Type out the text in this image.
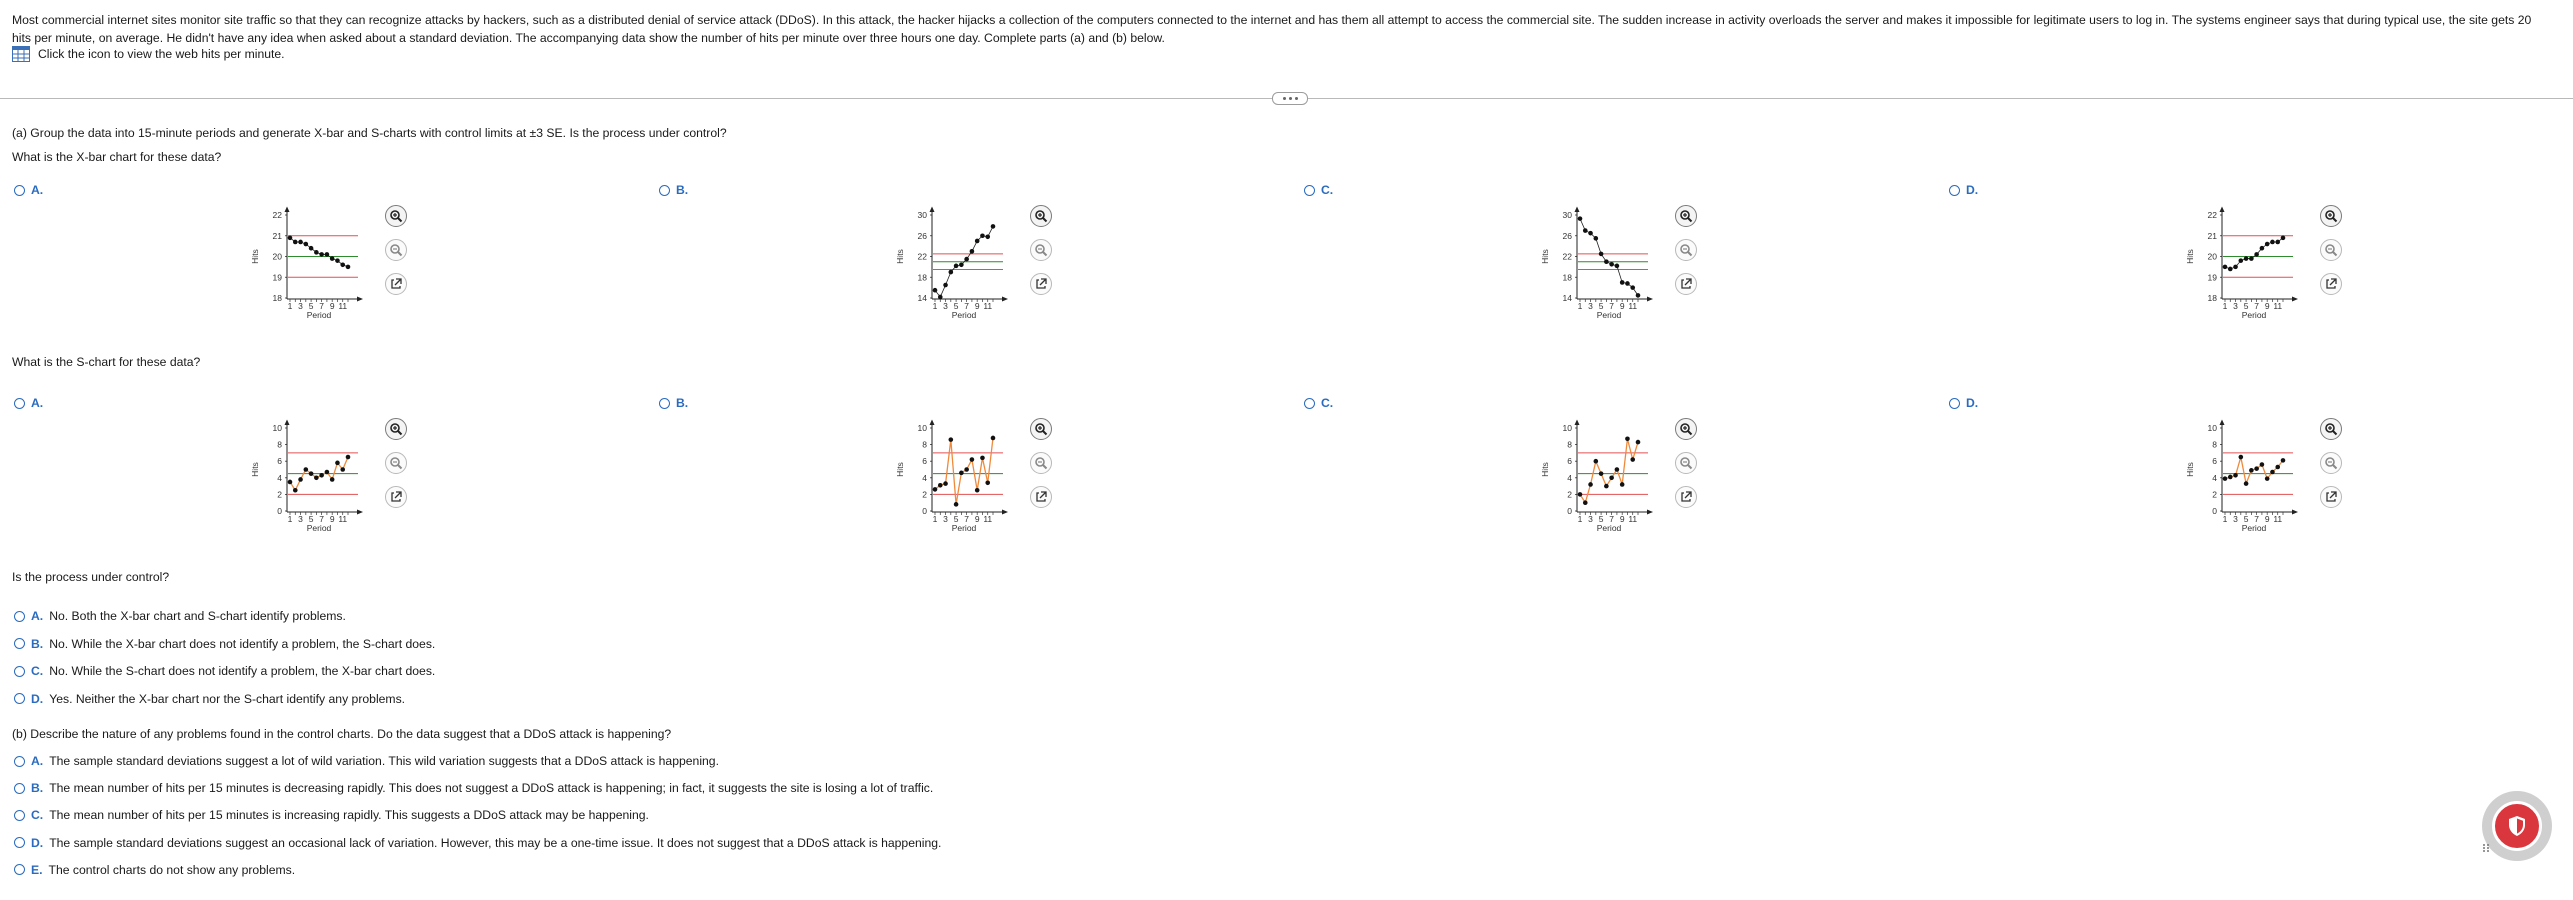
Most commercial internet sites monitor site traffic so that they can recognize attacks by hackers, such as a distributed denial of service attack (DDoS). In this attack, the hacker hijacks a collection of the computers connected to the internet and has them all attempt to access the commercial site. The sudden increase in activity overloads the server and makes it impossible for legitimate users to log in. The systems engineer says that during typical use, the site gets 20 hits per minute, on average. He didn't have any idea when asked about a standard deviation. The accompanying data show the number of hits per minute over three hours one day. Complete parts (a) and (b) below.
Click the icon to view the web hits per minute.
(a) Group the data into 15-minute periods and generate X-bar and S-charts with control limits at ±3 SE. Is the process under control?
What is the X-bar chart for these data?
What is the S-chart for these data?
A.
Hits
18
19
20
21
22
1 3 5 7 9 11
Period
A.
Hits
0
2
4
6
8
10
1 3 5 7 9 11
Period
B.
Hits
14
18
22
26
30
1 3 5 7 9 11
Period
B.
Hits
0
2
4
6
8
10
1 3 5 7 9 11
Period
C.
Hits
14
18
22
26
30
1 3 5 7 9 11
Period
C.
Hits
0
2
4
6
8
10
1 3 5 7 9 11
Period
D.
Hits
18
19
20
21
22
1 3 5 7 9 11
Period
D.
Hits
0
2
4
6
8
10
1 3 5 7 9 11
Period
Is the process under control?
A. No. Both the X-bar chart and S-chart identify problems.
B. No. While the X-bar chart does not identify a problem, the S-chart does.
C. No. While the S-chart does not identify a problem, the X-bar chart does.
D. Yes. Neither the X-bar chart nor the S-chart identify any problems.
(b) Describe the nature of any problems found in the control charts. Do the data suggest that a DDoS attack is happening?
A. The sample standard deviations suggest a lot of wild variation. This wild variation suggests that a DDoS attack is happening.
B. The mean number of hits per 15 minutes is decreasing rapidly. This does not suggest a DDoS attack is happening; in fact, it suggests the site is losing a lot of traffic.
C. The mean number of hits per 15 minutes is increasing rapidly. This suggests a DDoS attack may be happening.
D. The sample standard deviations suggest an occasional lack of variation. However, this may be a one-time issue. It does not suggest that a DDoS attack is happening.
E. The control charts do not show any problems.
